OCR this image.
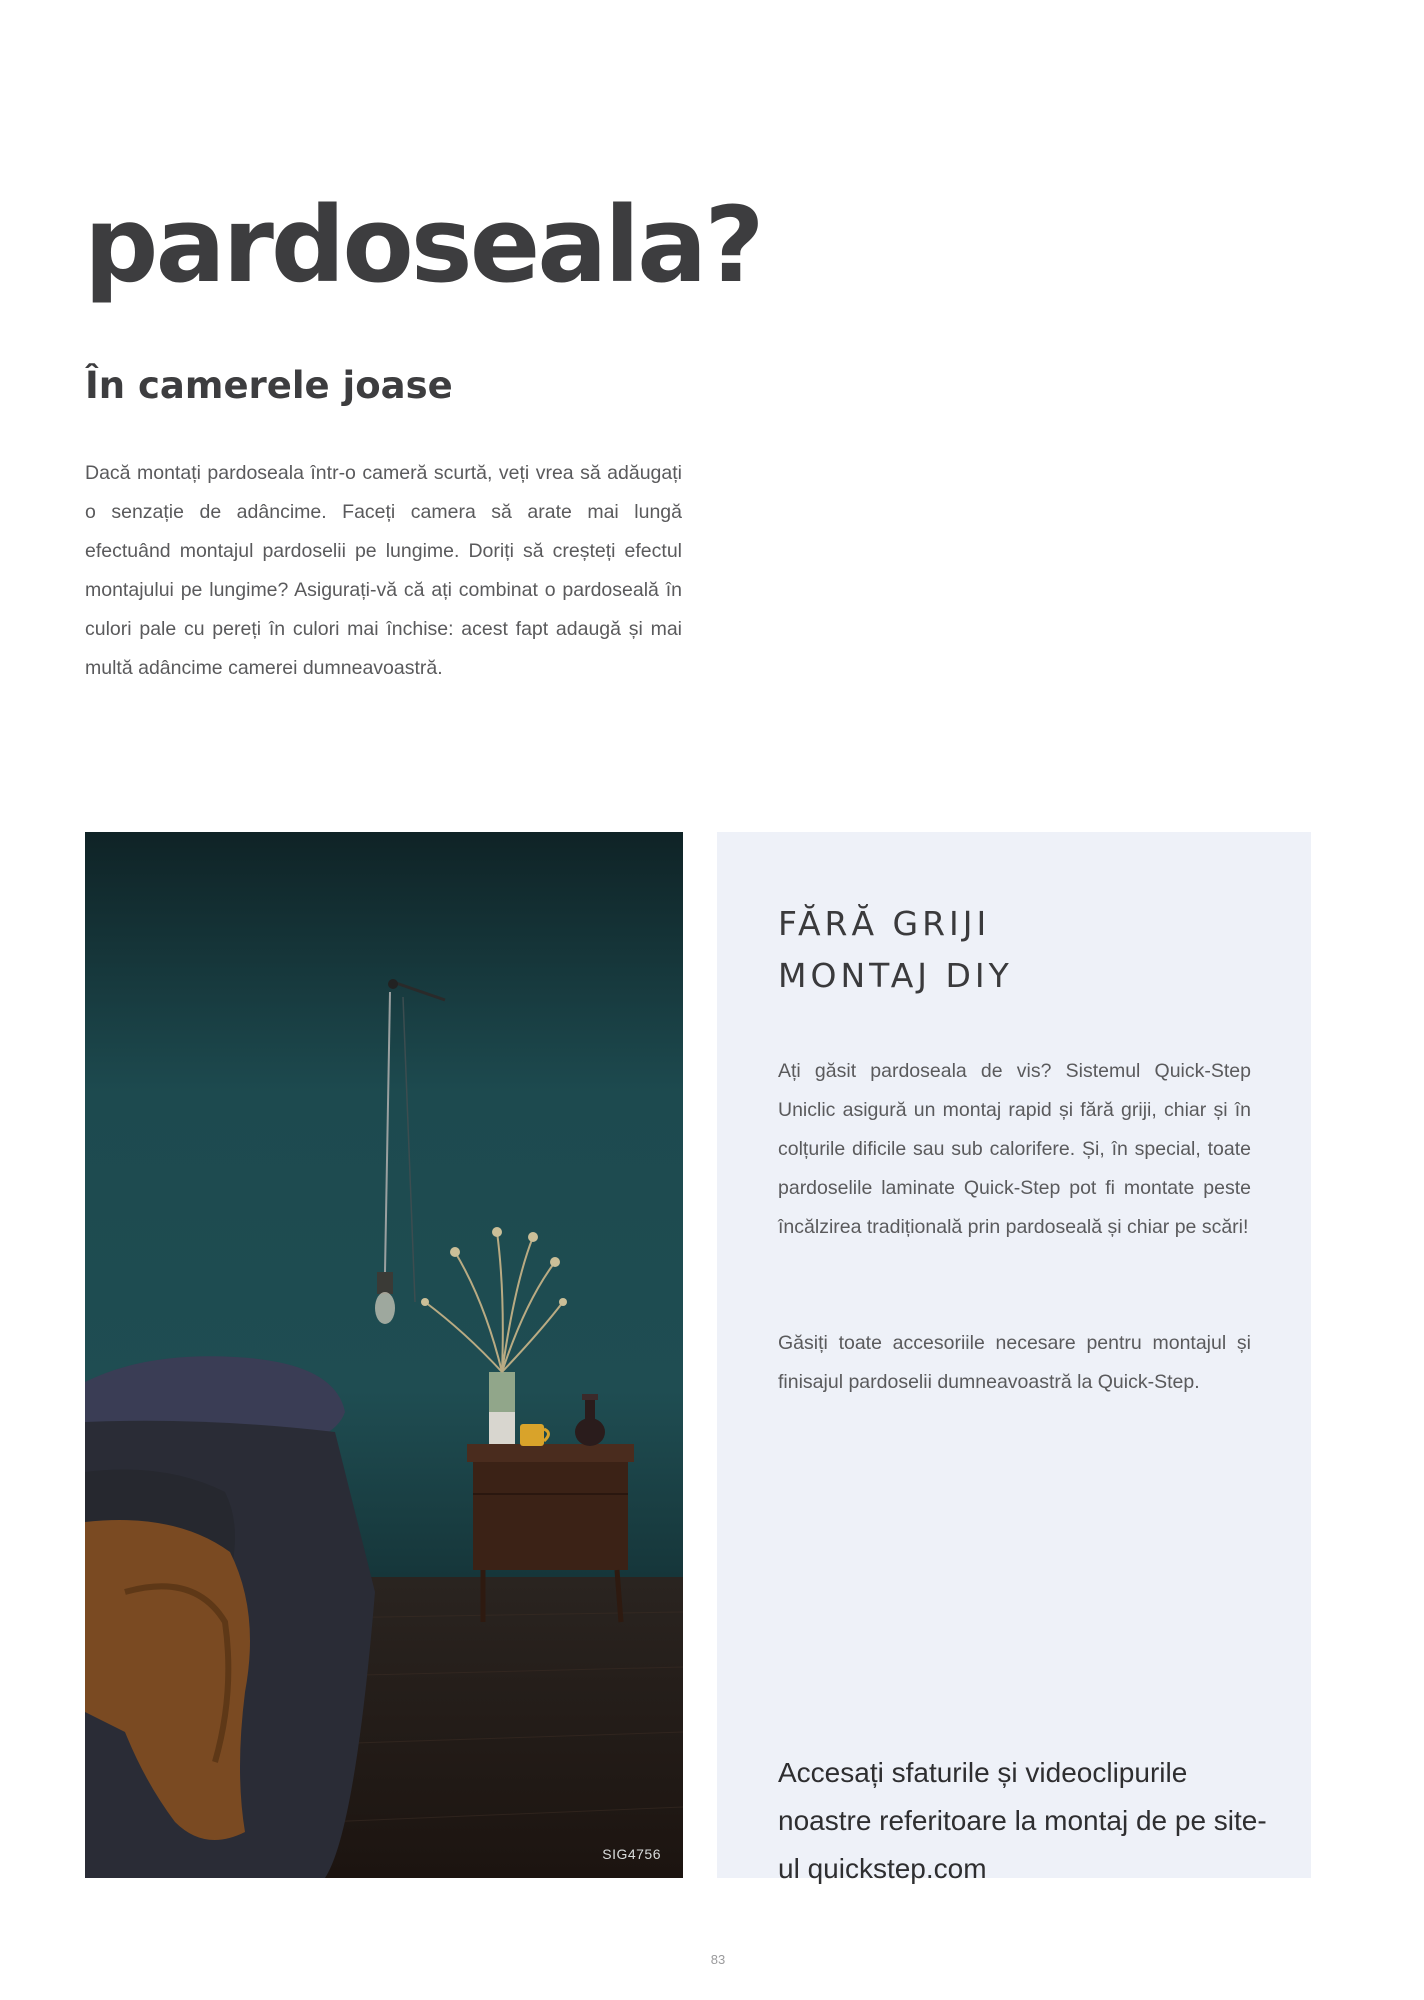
pardoseala?
În camerele joase

Dacă montați pardoseala într-o cameră scurtă, veți vrea să adăugați o senzație de adâncime. Faceți camera să arate mai lungă efectuând montajul pardoselii pe lungime. Doriți să creșteți efectul montajului pe lungime? Asigurați-vă că ați combinat o pardoseală în culori pale cu pereți în culori mai închise: acest fapt adaugă și mai multă adâncime camerei dumneavoastră.

SIG4756
FĂRĂ GRIJI
MONTAJ DIY

Ați găsit pardoseala de vis? Sistemul Quick-Step Uniclic asigură un montaj rapid și fără griji, chiar și în colțurile dificile sau sub calorifere. Și, în special, toate pardoselile laminate Quick-Step pot fi montate peste încălzirea tradițională prin pardoseală și chiar pe scări!

Găsiți toate accesoriile necesare pentru montajul și finisajul pardoselii dumneavoastră la Quick-Step.

Accesați sfaturile și videoclipurile noastre referitoare la montaj de pe site-ul quickstep.com

83
